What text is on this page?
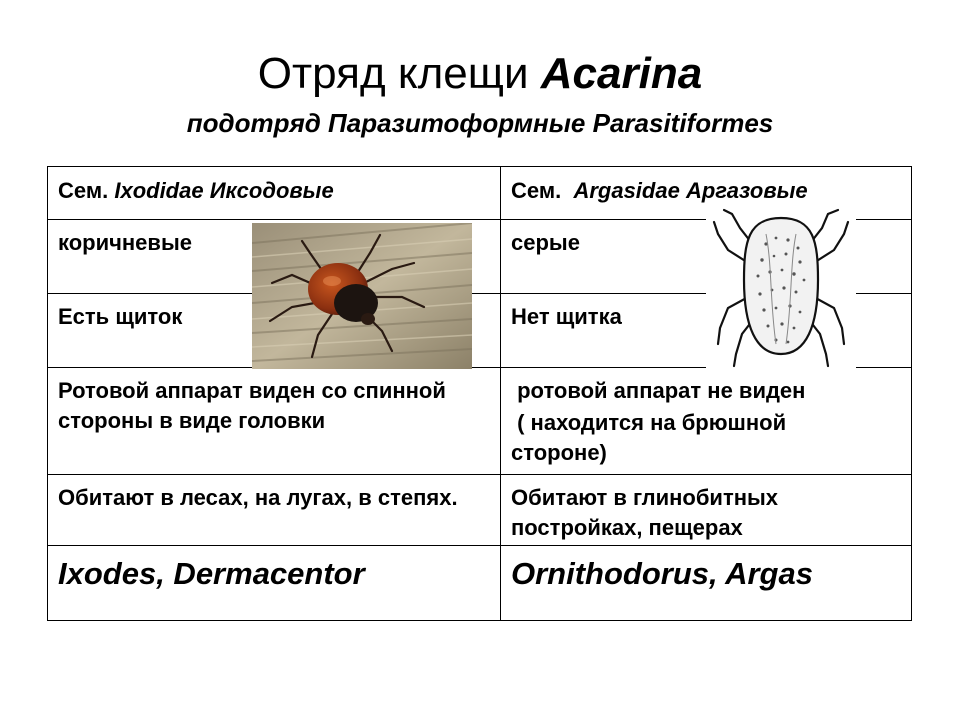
Отряд клещи Acarina
подотряд Паразитоформные Parasitiformes
Сем. Ixodidae Иксодовые	Сем.  Argasidae Аргазовые

коричневые	серые

Есть щиток	Нет щитка

Ротовой аппарат виден со спинной стороны в виде головки	ротовой аппарат не виден
( находится на брюшной
стороне)

Обитают в лесах, на лугах, в степях.	Обитают в глинобитных постройках, пещерах

Ixodes, Dermacentor	Ornithodorus, Argas
